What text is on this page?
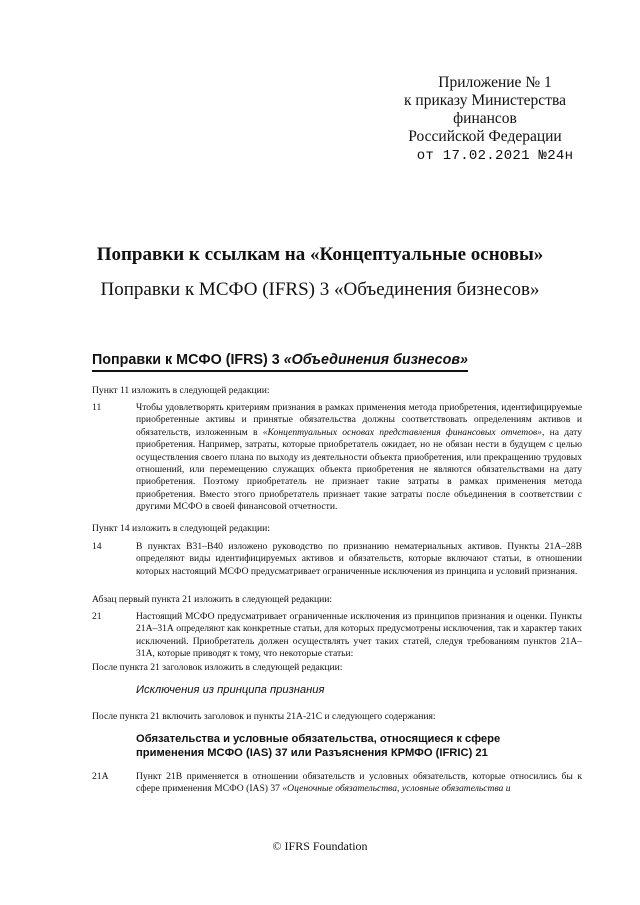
Приложение № 1
к приказу Министерства
финансов
Российской Федерации
от 17.02.2021 №24н
Поправки к ссылкам на «Концептуальные основы»
Поправки к МСФО (IFRS) 3 «Объединения бизнесов»
Поправки к МСФО (IFRS) 3 «Объединения бизнесов»
Пункт 11 изложить в следующей редакции:
11	Чтобы удовлетворять критериям признания в рамках применения метода приобретения, идентифицируемые приобретенные активы и принятые обязательства должны соответствовать определениям активов и обязательств, изложенным в «Концептуальных основах представления финансовых отчетов», на дату приобретения. Например, затраты, которые приобретатель ожидает, но не обязан нести в будущем с целью осуществления своего плана по выходу из деятельности объекта приобретения, или прекращению трудовых отношений, или перемещению служащих объекта приобретения не являются обязательствами на дату приобретения. Поэтому приобретатель не признает такие затраты в рамках применения метода приобретения. Вместо этого приобретатель признает такие затраты после объединения в соответствии с другими МСФО в своей финансовой отчетности.
Пункт 14 изложить в следующей редакции:
14	В пунктах В31–В40 изложено руководство по признанию нематериальных активов. Пункты 21А–28В определяют виды идентифицируемых активов и обязательств, которые включают статьи, в отношении которых настоящий МСФО предусматривает ограниченные исключения из принципа и условий признания.
Абзац первый пункта 21 изложить в следующей редакции:
21	Настоящий МСФО предусматривает ограниченные исключения из принципов признания и оценки. Пункты 21А–31А определяют как конкретные статьи, для которых предусмотрены исключения, так и характер таких исключений. Приобретатель должен осуществлять учет таких статей, следуя требованиям пунктов 21А–31А, которые приводят к тому, что некоторые статьи:
После пункта 21 заголовок изложить в следующей редакции:
Исключения из принципа признания
После пункта 21 включить заголовок и пункты 21А-21С и следующего содержания:
Обязательства и условные обязательства, относящиеся к сфере применения МСФО (IAS) 37 или Разъяснения КРМФО (IFRIC) 21
21А	Пункт 21В применяется в отношении обязательств и условных обязательств, которые относились бы к сфере применения МСФО (IAS) 37 «Оценочные обязательства, условные обязательства и
© IFRS Foundation
